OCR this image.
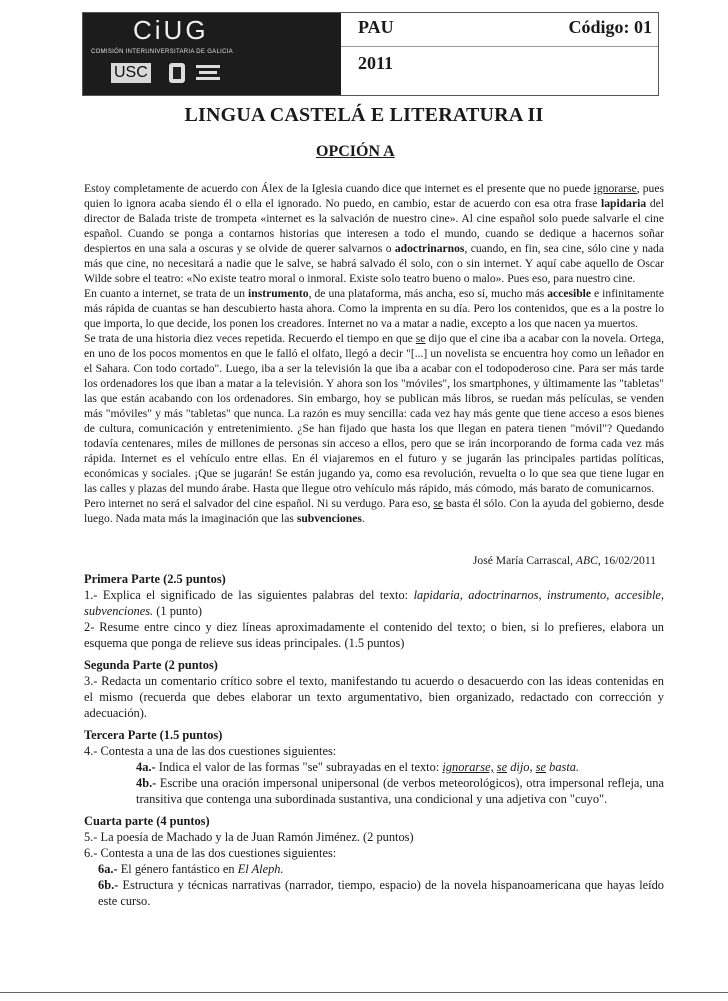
CiUG
COMISIÓN INTERUNIVERSITARIA DE GALICIA
USC
PAU
2011
Código: 01
LINGUA CASTELÁ E LITERATURA II
OPCIÓN A

Estoy completamente de acuerdo con Álex de la Iglesia cuando dice que internet es el presente que no puede ignorarse, pues quien lo ignora acaba siendo él o ella el ignorado. No puedo, en cambio, estar de acuerdo con esa otra frase lapidaria del director de Balada triste de trompeta «internet es la salvación de nuestro cine». Al cine español solo puede salvarle el cine español. Cuando se ponga a contarnos historias que interesen a todo el mundo, cuando se dedique a hacernos soñar despiertos en una sala a oscuras y se olvide de querer salvarnos o adoctrinarnos, cuando, en fin, sea cine, sólo cine y nada más que cine, no necesitará a nadie que le salve, se habrá salvado él solo, con o sin internet. Y aquí cabe aquello de Oscar Wilde sobre el teatro: «No existe teatro moral o inmoral. Existe solo teatro bueno o malo». Pues eso, para nuestro cine.

En cuanto a internet, se trata de un instrumento, de una plataforma, más ancha, eso sí, mucho más accesible e infinitamente más rápida de cuantas se han descubierto hasta ahora. Como la imprenta en su día. Pero los contenidos, que es a la postre lo que importa, lo que decide, los ponen los creadores. Internet no va a matar a nadie, excepto a los que nacen ya muertos.

Se trata de una historia diez veces repetida. Recuerdo el tiempo en que se dijo que el cine iba a acabar con la novela. Ortega, en uno de los pocos momentos en que le falló el olfato, llegó a decir "[...] un novelista se encuentra hoy como un leñador en el Sahara. Con todo cortado". Luego, iba a ser la televisión la que iba a acabar con el todopoderoso cine. Para ser más tarde los ordenadores los que iban a matar a la televisión. Y ahora son los "móviles", los smartphones, y últimamente las "tabletas" las que están acabando con los ordenadores. Sin embargo, hoy se publican más libros, se ruedan más películas, se venden más "móviles" y más "tabletas" que nunca. La razón es muy sencilla: cada vez hay más gente que tiene acceso a esos bienes de cultura, comunicación y entretenimiento. ¿Se han fijado que hasta los que llegan en patera tienen "móvil"? Quedando todavía centenares, miles de millones de personas sin acceso a ellos, pero que se irán incorporando de forma cada vez más rápida. Internet es el vehículo entre ellas. En él viajaremos en el futuro y se jugarán las principales partidas políticas, económicas y sociales. ¡Que se jugarán! Se están jugando ya, como esa revolución, revuelta o lo que sea que tiene lugar en las calles y plazas del mundo árabe. Hasta que llegue otro vehículo más rápido, más cómodo, más barato de comunicarnos.

Pero internet no será el salvador del cine español. Ni su verdugo. Para eso, se basta él sólo. Con la ayuda del gobierno, desde luego. Nada mata más la imaginación que las subvenciones.

José María Carrascal, ABC, 16/02/2011

Primera Parte (2.5 puntos)

1.- Explica el significado de las siguientes palabras del texto: lapidaria, adoctrinarnos, instrumento, accesible, subvenciones. (1 punto)

2- Resume entre cinco y diez líneas aproximadamente el contenido del texto; o bien, si lo prefieres, elabora un esquema que ponga de relieve sus ideas principales. (1.5 puntos)

Segunda Parte (2 puntos)

3.- Redacta un comentario crítico sobre el texto, manifestando tu acuerdo o desacuerdo con las ideas contenidas en el mismo (recuerda que debes elaborar un texto argumentativo, bien organizado, redactado con corrección y adecuación).

Tercera Parte (1.5 puntos)

4.- Contesta a una de las dos cuestiones siguientes:

4a.- Indica el valor de las formas "se" subrayadas en el texto: ignorarse, se dijo, se basta.

4b.- Escribe una oración impersonal unipersonal (de verbos meteorológicos), otra impersonal refleja, una transitiva que contenga una subordinada sustantiva, una condicional y una adjetiva con "cuyo".

Cuarta parte (4 puntos)

5.- La poesía de Machado y la de Juan Ramón Jiménez. (2 puntos)

6.- Contesta a una de las dos cuestiones siguientes:

6a.- El género fantástico en El Aleph.

6b.- Estructura y técnicas narrativas (narrador, tiempo, espacio) de la novela hispanoamericana que hayas leído este curso.
